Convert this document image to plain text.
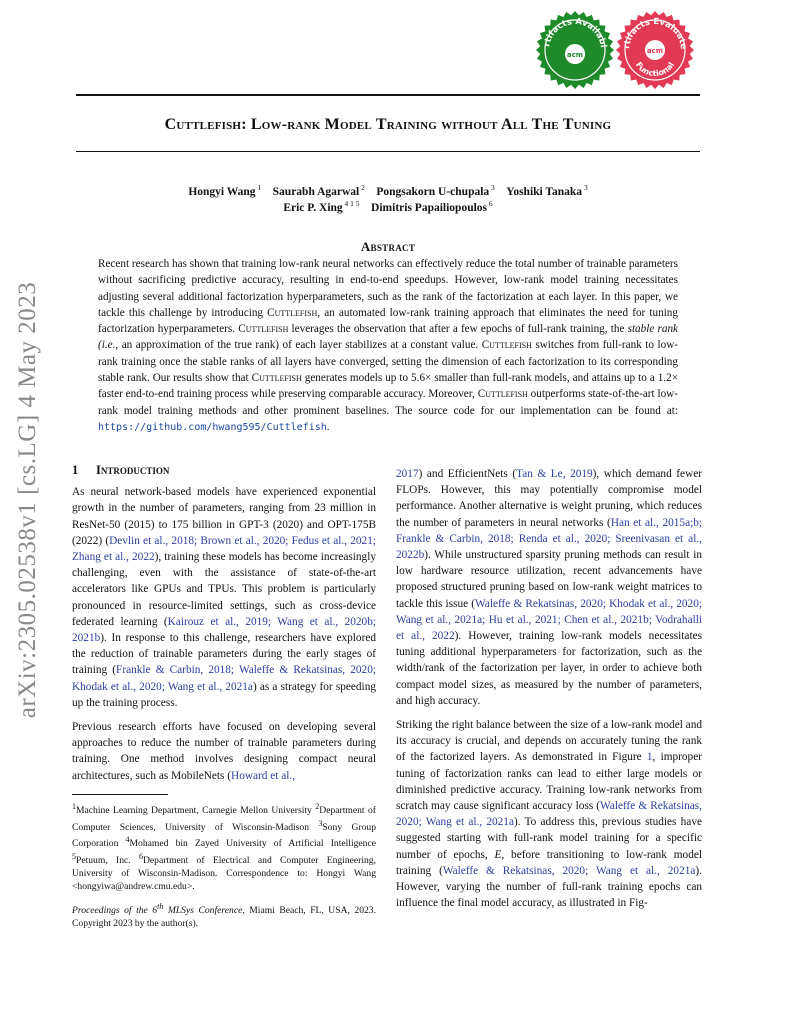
rtifacts Availabl
acm
rtifacts Evaluate
Functional
acm
Cuttlefish: Low-rank Model Training without All The Tuning
Hongyi Wang $^1$  Saurabh Agarwal $^2$  Pongsakorn U-chupala $^3$  Yoshiki Tanaka $^3$
Eric P. Xing $^{4 1 5}$  Dimitris Papailiopoulos $^6$
Abstract

Recent research has shown that training low-rank neural networks can effectively reduce the total number of trainable parameters without sacrificing predictive accuracy, resulting in end-to-end speedups. However, low-rank model training necessitates adjusting several additional factorization hyperparameters, such as the rank of the factorization at each layer. In this paper, we tackle this challenge by introducing Cuttlefish, an automated low-rank training approach that eliminates the need for tuning factorization hyperparameters. Cuttlefish leverages the observation that after a few epochs of full-rank training, the stable rank (i.e., an approximation of the true rank) of each layer stabilizes at a constant value. Cuttlefish switches from full-rank to low-rank training once the stable ranks of all layers have converged, setting the dimension of each factorization to its corresponding stable rank. Our results show that Cuttlefish generates models up to 5.6× smaller than full-rank models, and attains up to a 1.2× faster end-to-end training process while preserving comparable accuracy. Moreover, Cuttlefish outperforms state-of-the-art low-rank model training methods and other prominent baselines. The source code for our implementation can be found at: https://github.com/hwang595/Cuttlefish.

1 Introduction

As neural network-based models have experienced exponential growth in the number of parameters, ranging from 23 million in ResNet-50 (2015) to 175 billion in GPT-3 (2020) and OPT-175B (2022) (Devlin et al., 2018; Brown et al., 2020; Fedus et al., 2021; Zhang et al., 2022), training these models has become increasingly challenging, even with the assistance of state-of-the-art accelerators like GPUs and TPUs. This problem is particularly pronounced in resource-limited settings, such as cross-device federated learning (Kairouz et al., 2019; Wang et al., 2020b; 2021b). In response to this challenge, researchers have explored the reduction of trainable parameters during the early stages of training (Frankle & Carbin, 2018; Waleffe & Rekatsinas, 2020; Khodak et al., 2020; Wang et al., 2021a) as a strategy for speeding up the training process.

Previous research efforts have focused on developing several approaches to reduce the number of trainable parameters during training. One method involves designing compact neural architectures, such as MobileNets (Howard et al.,

$^1$Machine Learning Department, Carnegie Mellon University $^2$Department of Computer Sciences, University of Wisconsin-Madison $^3$Sony Group Corporation $^4$Mohamed bin Zayed University of Artificial Intelligence $^5$Petuum, Inc. $^6$Department of Electrical and Computer Engineering, University of Wisconsin-Madison. Correspondence to: Hongyi Wang <hongyiwa@andrew.cmu.edu>.

Proceedings of the 6th MLSys Conference, Miami Beach, FL, USA, 2023. Copyright 2023 by the author(s).

2017) and EfficientNets (Tan & Le, 2019), which demand fewer FLOPs. However, this may potentially compromise model performance. Another alternative is weight pruning, which reduces the number of parameters in neural networks (Han et al., 2015a;b; Frankle & Carbin, 2018; Renda et al., 2020; Sreenivasan et al., 2022b). While unstructured sparsity pruning methods can result in low hardware resource utilization, recent advancements have proposed structured pruning based on low-rank weight matrices to tackle this issue (Waleffe & Rekatsinas, 2020; Khodak et al., 2020; Wang et al., 2021a; Hu et al., 2021; Chen et al., 2021b; Vodrahalli et al., 2022). However, training low-rank models necessitates tuning additional hyperparameters for factorization, such as the width/rank of the factorization per layer, in order to achieve both compact model sizes, as measured by the number of parameters, and high accuracy.

Striking the right balance between the size of a low-rank model and its accuracy is crucial, and depends on accurately tuning the rank of the factorized layers. As demonstrated in Figure 1, improper tuning of factorization ranks can lead to either large models or diminished predictive accuracy. Training low-rank networks from scratch may cause significant accuracy loss (Waleffe & Rekatsinas, 2020; Wang et al., 2021a). To address this, previous studies have suggested starting with full-rank model training for a specific number of epochs, E, before transitioning to low-rank model training (Waleffe & Rekatsinas, 2020; Wang et al., 2021a). However, varying the number of full-rank training epochs can influence the final model accuracy, as illustrated in Fig-

arXiv:2305.02538v1 [cs.LG] 4 May 2023
